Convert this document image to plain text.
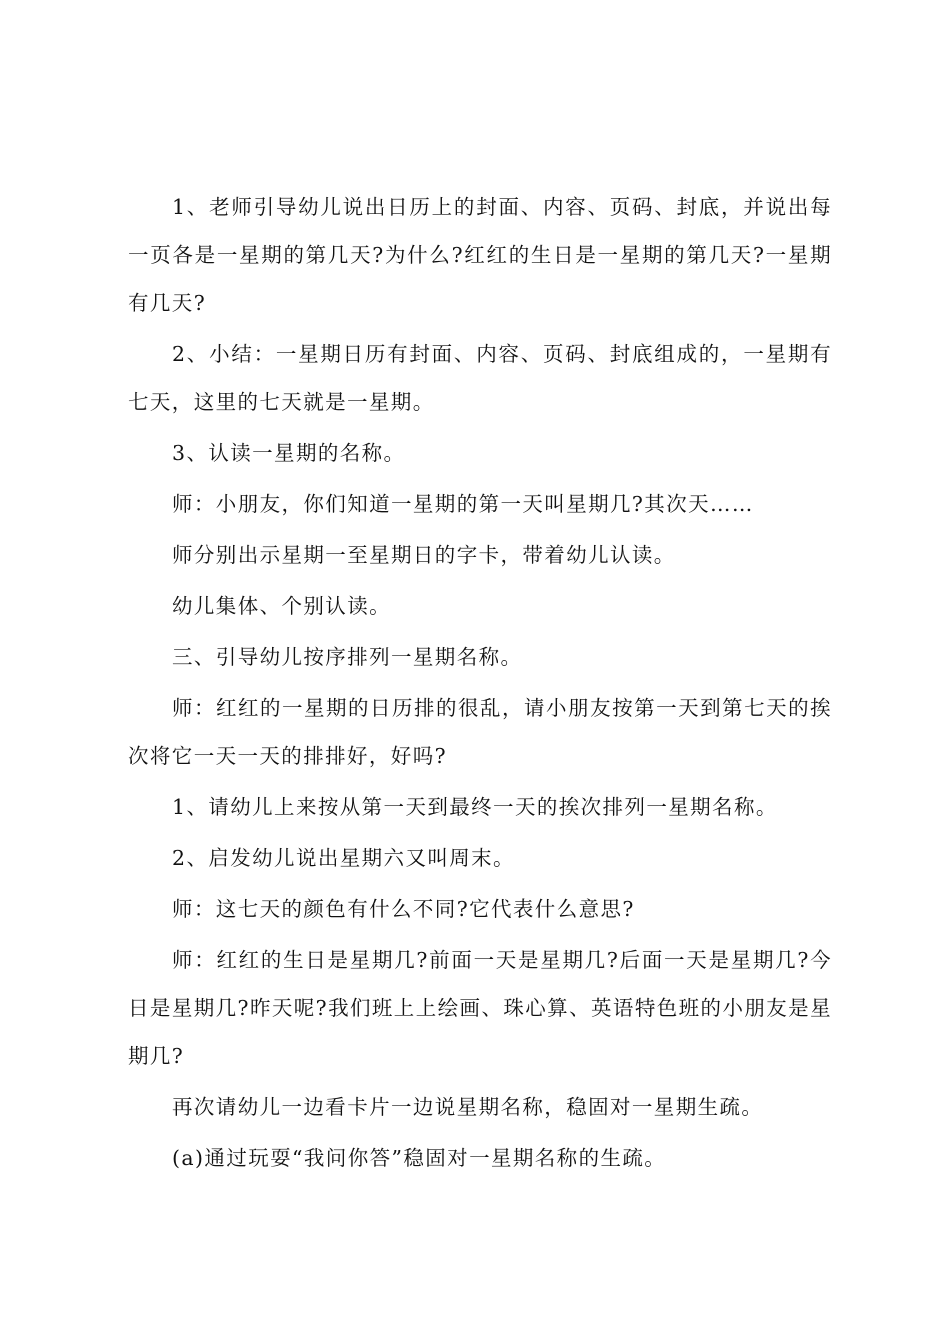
1、老师引导幼儿说出日历上的封面、内容、页码、封底，并说出每一页各是一星期的第几天?为什么?红红的生日是一星期的第几天?一星期有几天?

2、小结：一星期日历有封面、内容、页码、封底组成的，一星期有七天，这里的七天就是一星期。

3、认读一星期的名称。

师：小朋友，你们知道一星期的第一天叫星期几?其次天……

师分别出示星期一至星期日的字卡，带着幼儿认读。

幼儿集体、个别认读。

三、引导幼儿按序排列一星期名称。

师：红红的一星期的日历排的很乱，请小朋友按第一天到第七天的挨次将它一天一天的排排好，好吗?

1、请幼儿上来按从第一天到最终一天的挨次排列一星期名称。

2、启发幼儿说出星期六又叫周末。

师：这七天的颜色有什么不同?它代表什么意思?

师：红红的生日是星期几?前面一天是星期几?后面一天是星期几?今日是星期几?昨天呢?我们班上上绘画、珠心算、英语特色班的小朋友是星期几?

再次请幼儿一边看卡片一边说星期名称，稳固对一星期生疏。

(a)通过玩耍“我问你答”稳固对一星期名称的生疏。
